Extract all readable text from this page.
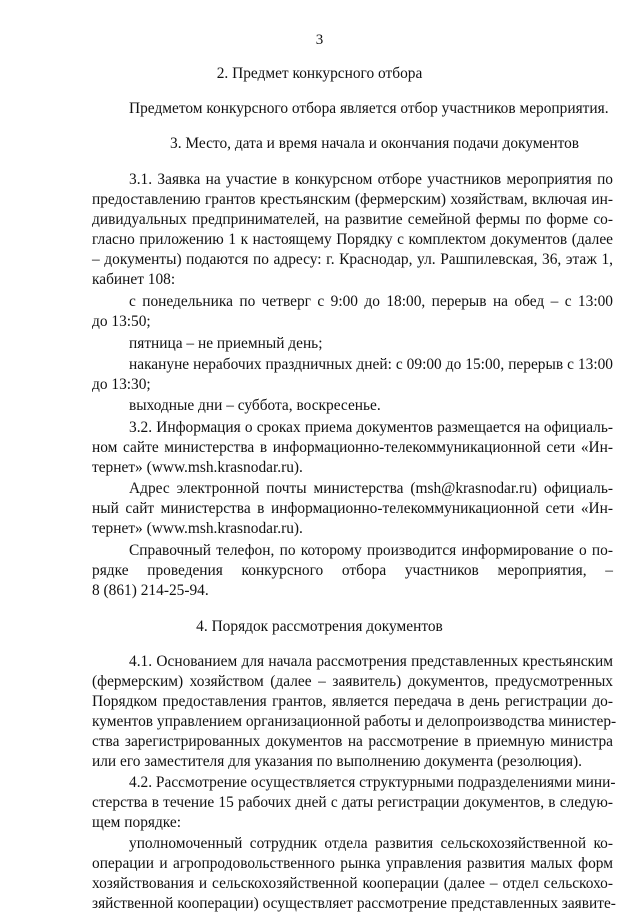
3
2. Предмет конкурсного отбора
Предметом конкурсного отбора является отбор участников мероприятия.
3. Место, дата и время начала и окончания подачи документов
3.1. Заявка на участие в конкурсном отборе участников мероприятия по
предоставлению грантов крестьянским (фермерским) хозяйствам, включая ин-
дивидуальных предпринимателей, на развитие семейной фермы по форме со-
гласно приложению 1 к настоящему Порядку с комплектом документов (далее
– документы) подаются по адресу: г. Краснодар, ул. Рашпилевская, 36, этаж 1,
кабинет 108:
с понедельника по четверг с 9:00 до 18:00, перерыв на обед – с 13:00
до 13:50;
пятница – не приемный день;
накануне нерабочих праздничных дней: с 09:00 до 15:00, перерыв с 13:00
до 13:30;
выходные дни – суббота, воскресенье.
3.2. Информация о сроках приема документов размещается на официаль-
ном сайте министерства в информационно-телекоммуникационной сети «Ин-
тернет» (www.msh.krasnodar.ru).
Адрес электронной почты министерства (msh@krasnodar.ru) официаль-
ный сайт министерства в информационно-телекоммуникационной сети «Ин-
тернет» (www.msh.krasnodar.ru).
Справочный телефон, по которому производится информирование о по-
рядке проведения конкурсного отбора участников мероприятия, –
8 (861) 214-25-94.
4. Порядок рассмотрения документов
4.1. Основанием для начала рассмотрения представленных крестьянским
(фермерским) хозяйством (далее – заявитель) документов, предусмотренных
Порядком предоставления грантов, является передача в день регистрации до-
кументов управлением организационной работы и делопроизводства министер-
ства зарегистрированных документов на рассмотрение в приемную министра
или его заместителя для указания по выполнению документа (резолюция).
4.2. Рассмотрение осуществляется структурными подразделениями мини-
стерства в течение 15 рабочих дней с даты регистрации документов, в следую-
щем порядке:
уполномоченный сотрудник отдела развития сельскохозяйственной ко-
операции и агропродовольственного рынка управления развития малых форм
хозяйствования и сельскохозяйственной кооперации (далее – отдел сельскохо-
зяйственной кооперации) осуществляет рассмотрение представленных заявите-
